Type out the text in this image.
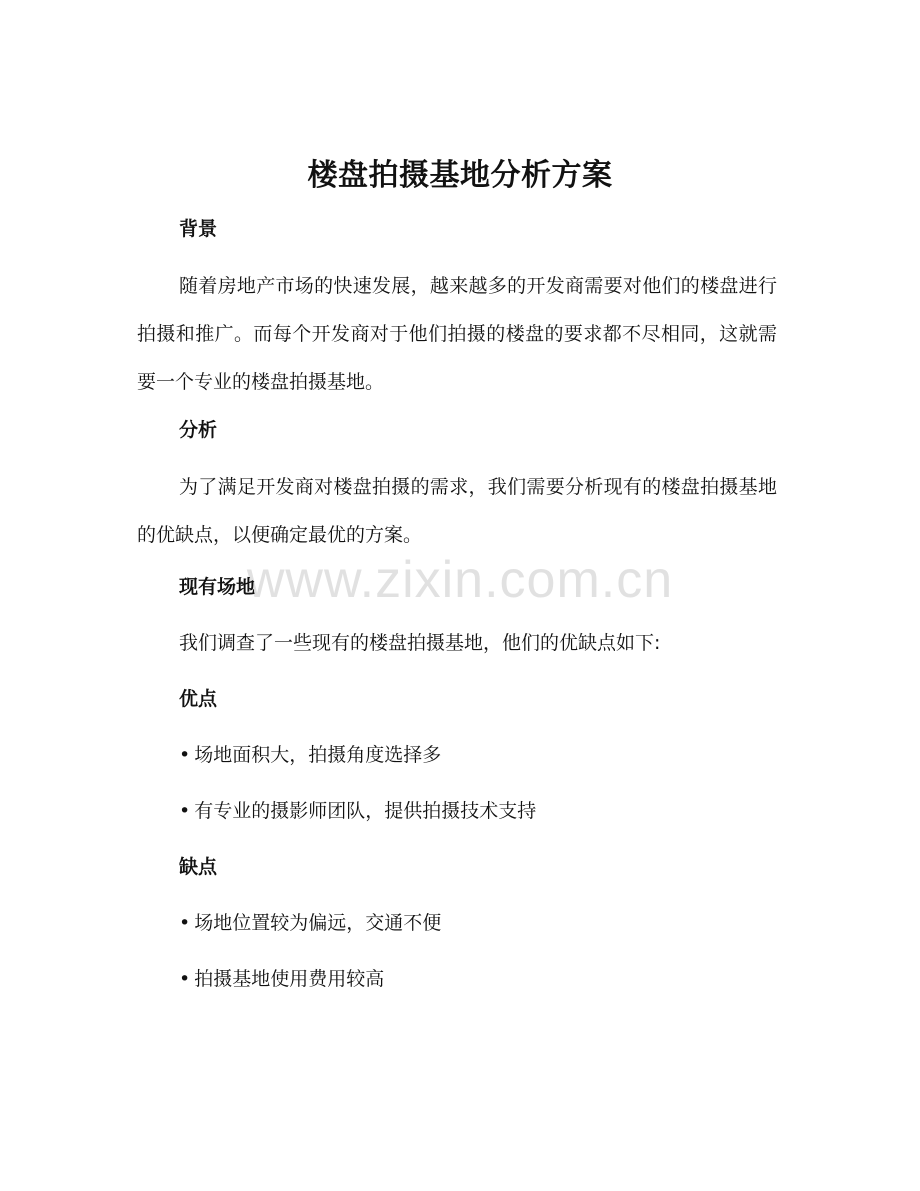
www.zixin.com.cn
楼盘拍摄基地分析方案
背景
随着房地产市场的快速发展，越来越多的开发商需要对他们的楼盘进行拍摄和推广。而每个开发商对于他们拍摄的楼盘的要求都不尽相同，这就需要一个专业的楼盘拍摄基地。
分析
为了满足开发商对楼盘拍摄的需求，我们需要分析现有的楼盘拍摄基地的优缺点，以便确定最优的方案。
现有场地
我们调查了一些现有的楼盘拍摄基地，他们的优缺点如下:
优点
• 场地面积大，拍摄角度选择多
• 有专业的摄影师团队，提供拍摄技术支持
缺点
• 场地位置较为偏远，交通不便
• 拍摄基地使用费用较高
